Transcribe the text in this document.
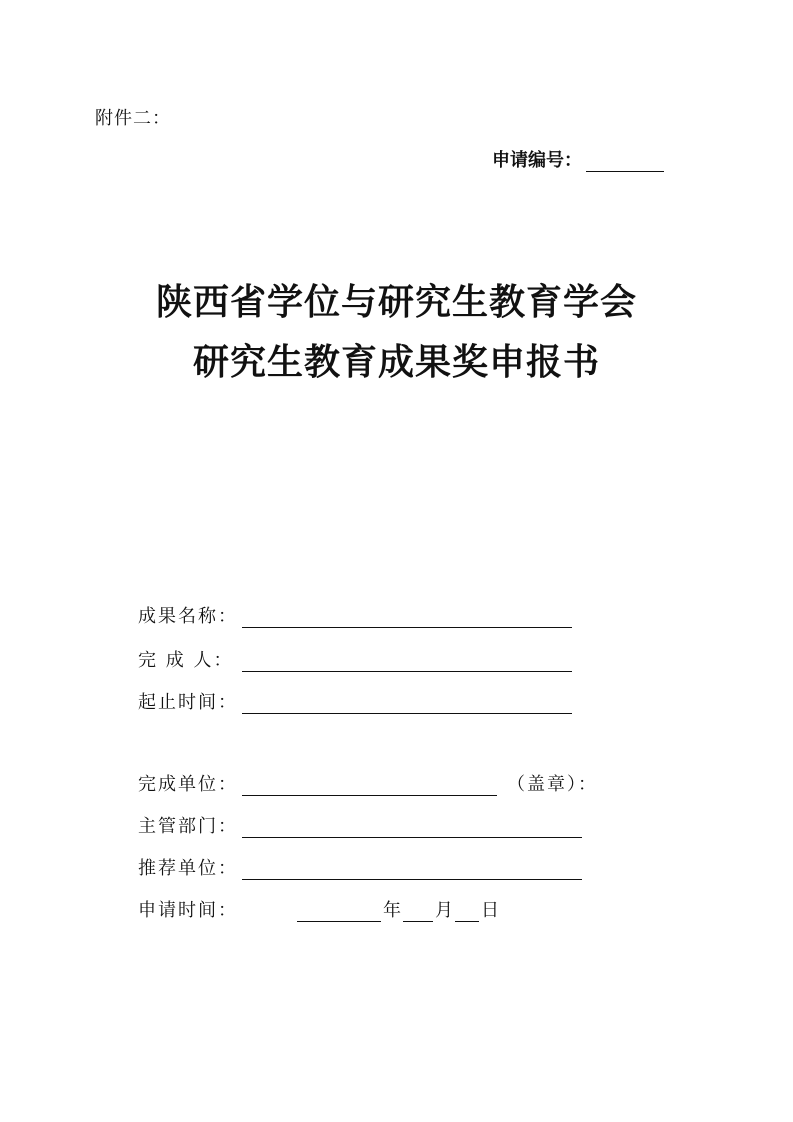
附件二：
申请编号：
陕西省学位与研究生教育学会
研究生教育成果奖申报书
成果名称：
完 成 人：
起止时间：
完成单位：	（盖章）：
主管部门：
推荐单位：
申请时间：	年 月 日
